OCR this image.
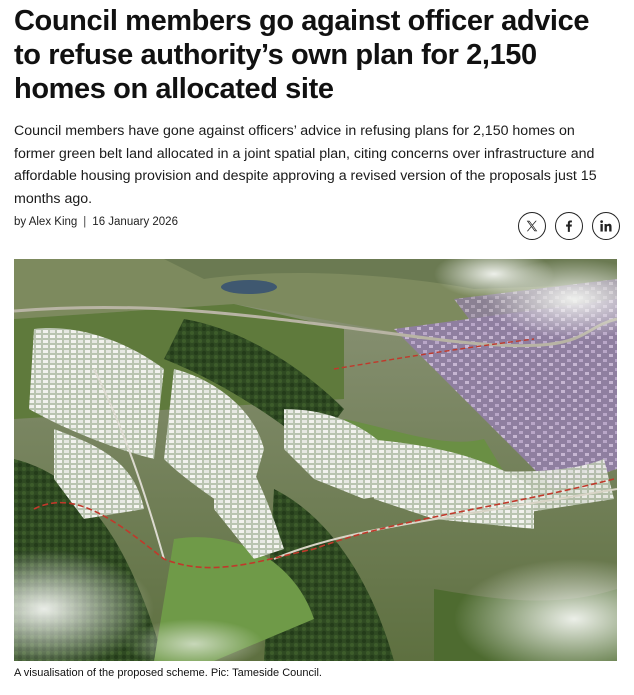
Council members go against officer advice to refuse authority’s own plan for 2,150 homes on allocated site

Council members have gone against officers’ advice in refusing plans for 2,150 homes on former green belt land allocated in a joint spatial plan, citing concerns over infrastructure and affordable housing provision and despite approving a revised version of the proposals just 15 months ago.

by Alex King | 16 January 2026
A visualisation of the proposed scheme. Pic: Tameside Council.
